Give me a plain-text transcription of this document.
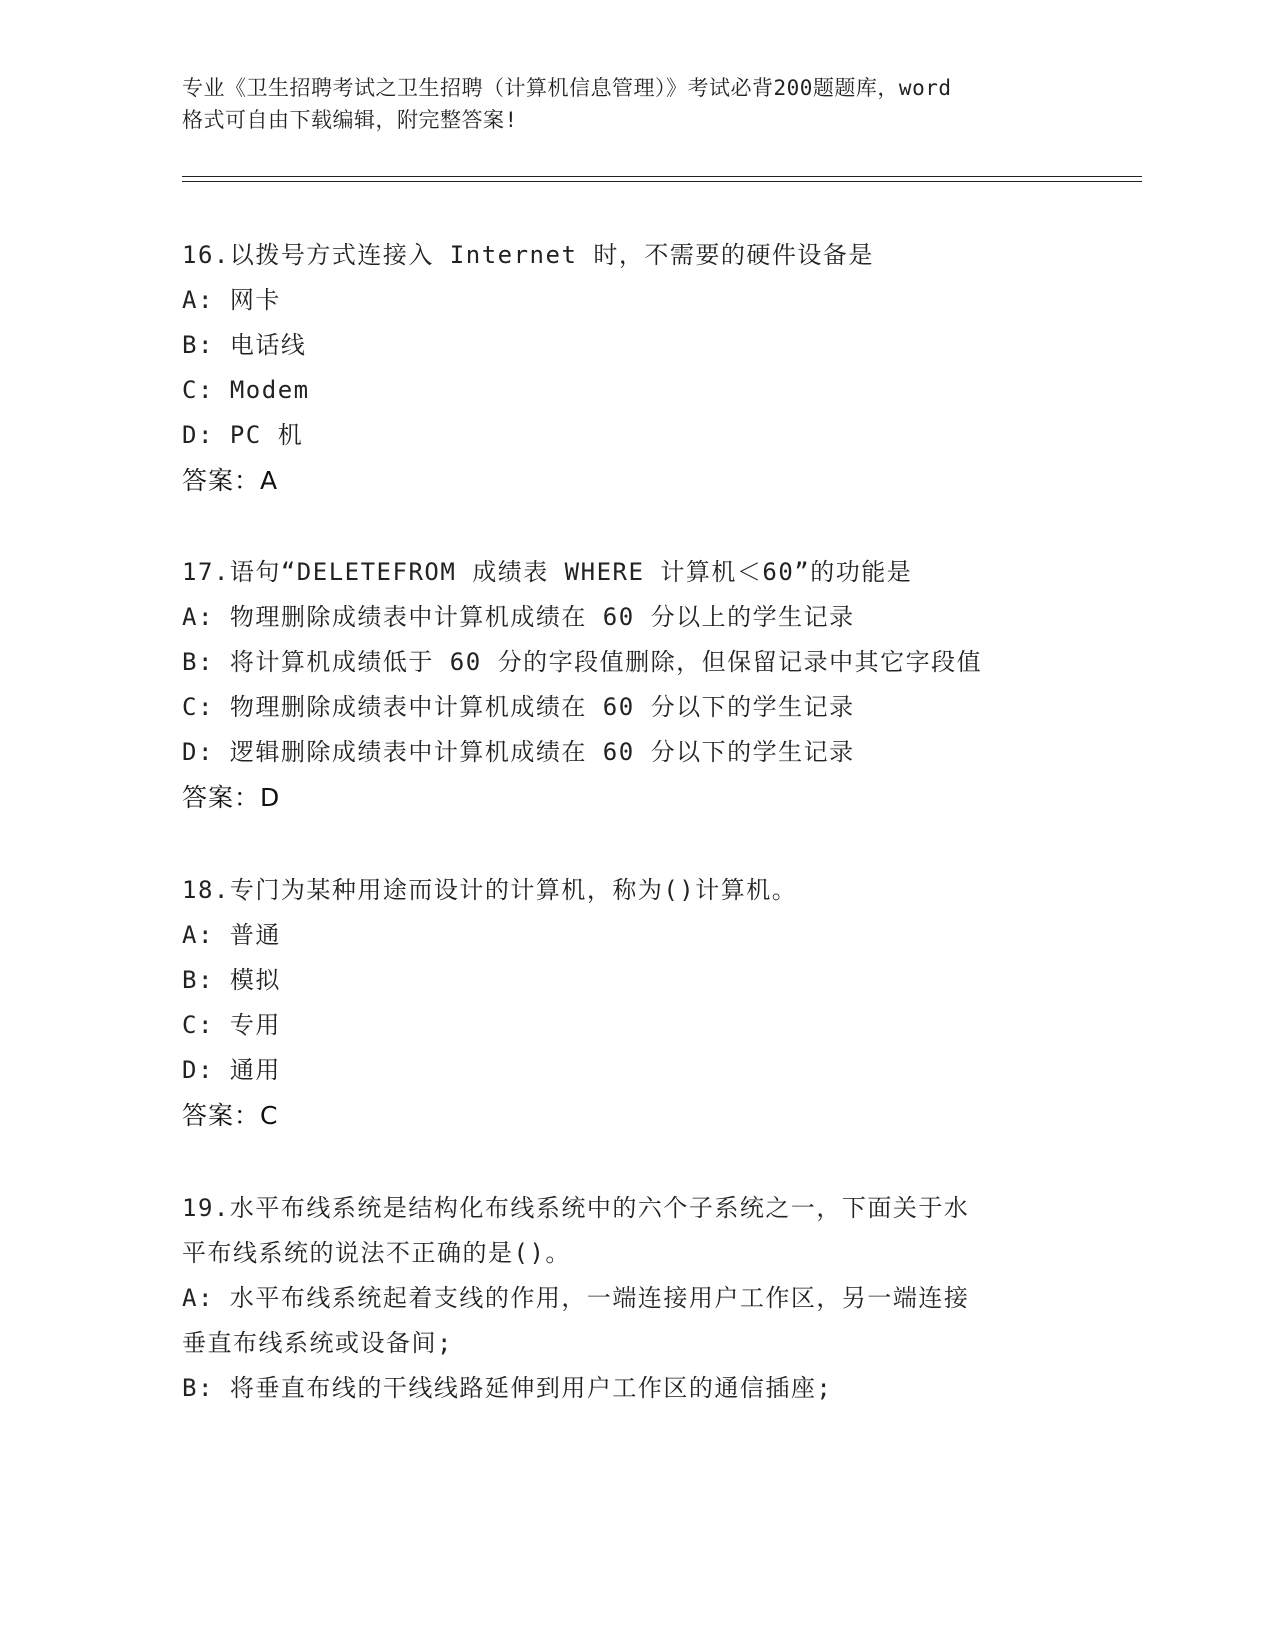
专业《卫生招聘考试之卫生招聘（计算机信息管理）》考试必背200题题库，word
格式可自由下载编辑，附完整答案!
16.以拨号方式连接入 Internet 时，不需要的硬件设备是
A: 网卡
B: 电话线
C: Modem
D: PC 机
答案：A
17.语句“DELETEFROM 成绩表 WHERE 计算机＜60”的功能是
A: 物理删除成绩表中计算机成绩在 60 分以上的学生记录
B: 将计算机成绩低于 60 分的字段值删除，但保留记录中其它字段值
C: 物理删除成绩表中计算机成绩在 60 分以下的学生记录
D: 逻辑删除成绩表中计算机成绩在 60 分以下的学生记录
答案：D
18.专门为某种用途而设计的计算机，称为()计算机。
A: 普通
B: 模拟
C: 专用
D: 通用
答案：C
19.水平布线系统是结构化布线系统中的六个子系统之一，下面关于水
平布线系统的说法不正确的是()。
A: 水平布线系统起着支线的作用，一端连接用户工作区，另一端连接
垂直布线系统或设备间;
B: 将垂直布线的干线线路延伸到用户工作区的通信插座;
